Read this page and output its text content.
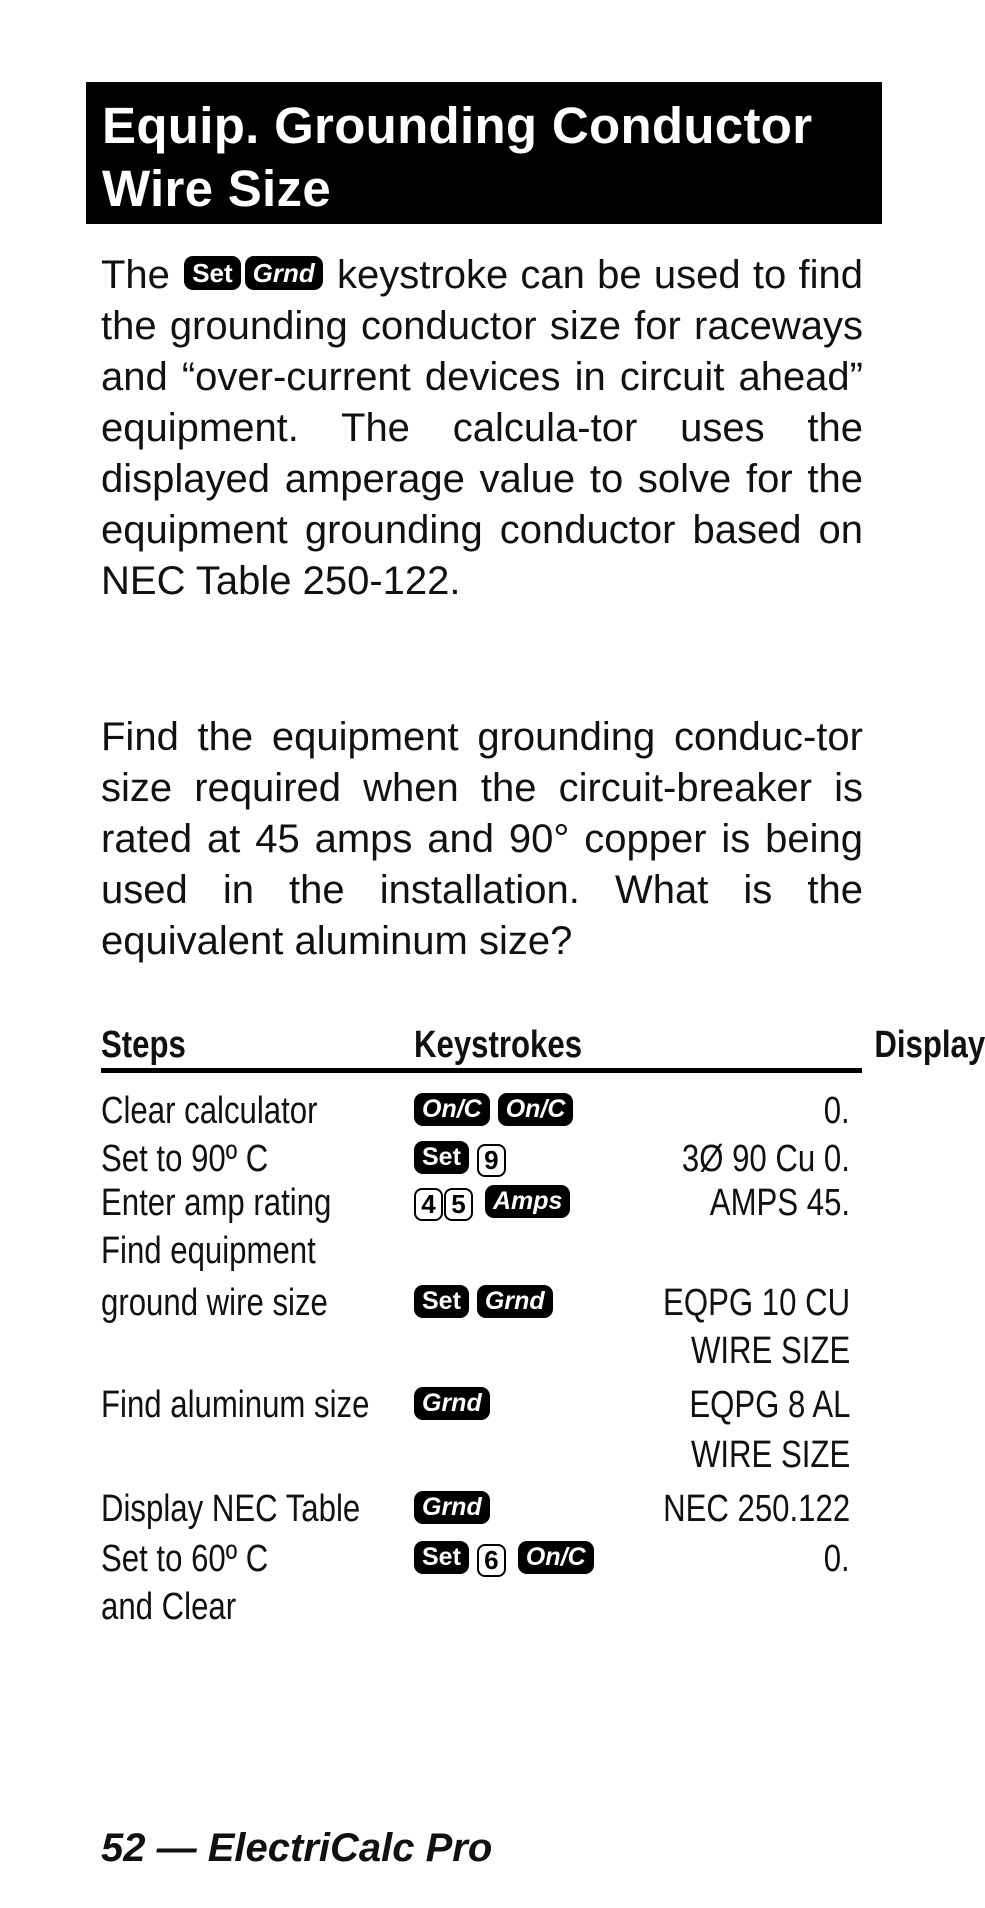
Equip. Grounding Conductor
Wire Size

The Set Grnd keystroke can be used to find the grounding conductor size for raceways and “over-current devices in circuit ahead” equipment. The calcula-tor uses the displayed amperage value to solve for the equipment grounding conductor based on NEC Table 250-122.

Find the equipment grounding conduc-tor size required when the circuit-breaker is rated at 45 amps and 90° copper is being used in the installation. What is the equivalent aluminum size?

Steps	Keystrokes	Display
Clear calculator	On/C On/C	0.
Set to 90º C	Set 9	3Ø 90 Cu 0.
Enter amp rating	4 5 Amps	AMPS 45.
Find equipment
ground wire size	Set Grnd	EQPG 10 CU
WIRE SIZE
Find aluminum size	Grnd	EQPG 8 AL
WIRE SIZE
Display NEC Table	Grnd	NEC 250.122
Set to 60º C	Set 6 On/C	0.
and Clear
52 — ElectriCalc Pro
